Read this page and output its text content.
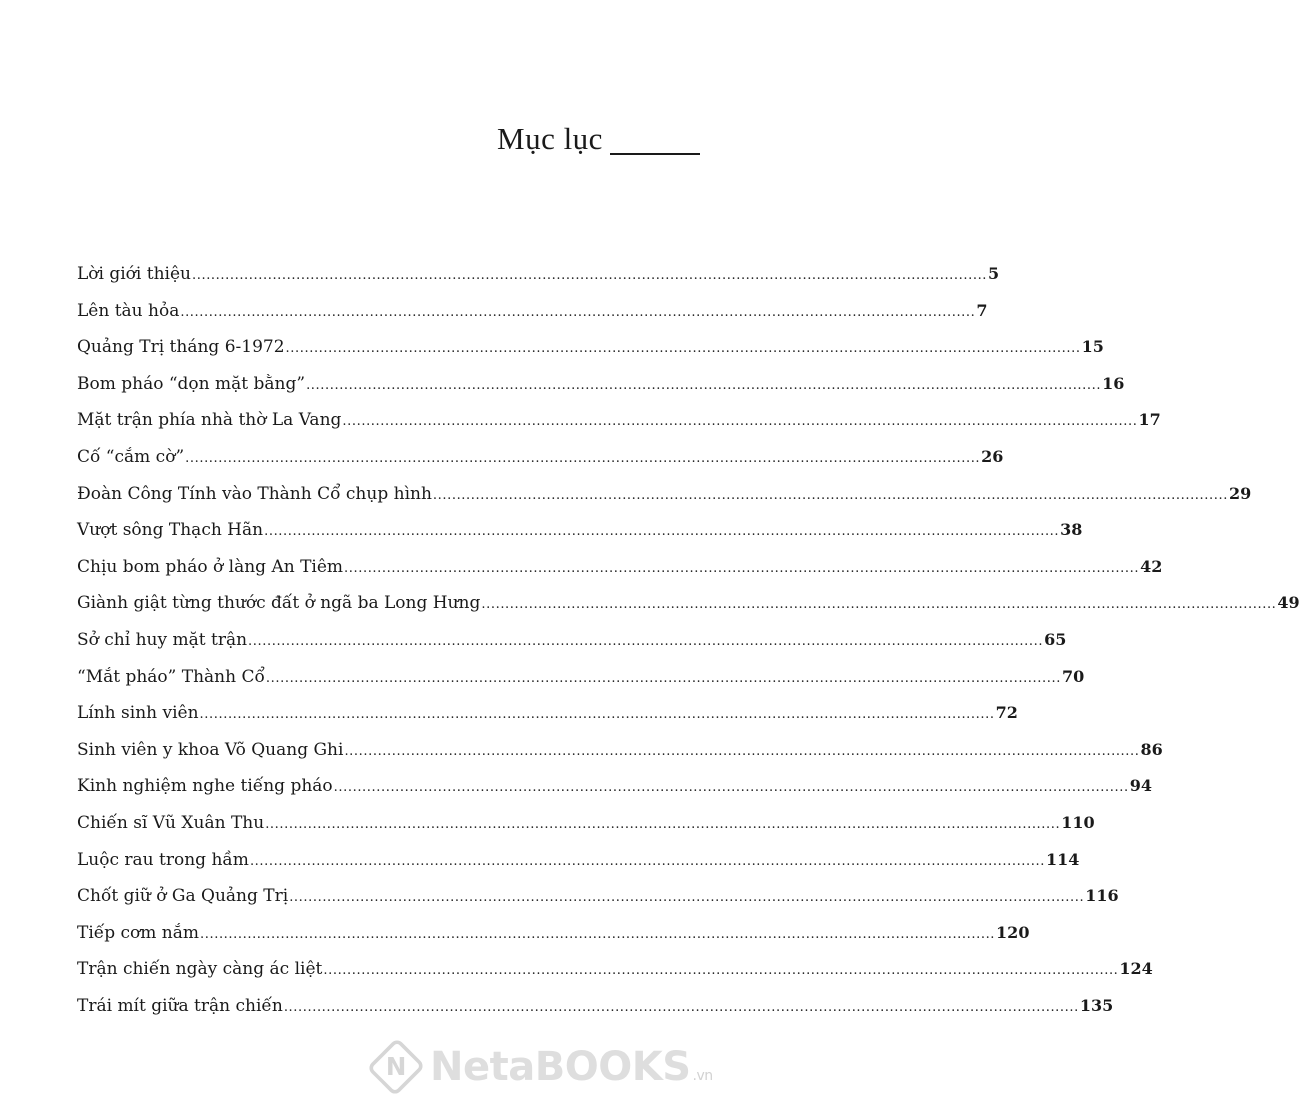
Mục lục
Lời giới thiệu .....	5
Lên tàu hỏa .....	7
Quảng Trị tháng 6-1972 .....	15
Bom pháo “dọn mặt bằng” .....	16
Mặt trận phía nhà thờ La Vang .....	17
Cố “cắm cờ” .....	26
Đoàn Công Tính vào Thành Cổ chụp hình .....	29
Vượt sông Thạch Hãn .....	38
Chịu bom pháo ở làng An Tiêm .....	42
Giành giật từng thước đất ở ngã ba Long Hưng .....	49
Sở chỉ huy mặt trận .....	65
“Mắt pháo” Thành Cổ .....	70
Lính sinh viên .....	72
Sinh viên y khoa Võ Quang Ghi .....	86
Kinh nghiệm nghe tiếng pháo .....	94
Chiến sĩ Vũ Xuân Thu .....	110
Luộc rau trong hầm .....	114
Chốt giữ ở Ga Quảng Trị .....	116
Tiếp cơm nắm .....	120
Trận chiến ngày càng ác liệt .....	124
Trái mít giữa trận chiến .....	135
N NetaBOOKS .vn
